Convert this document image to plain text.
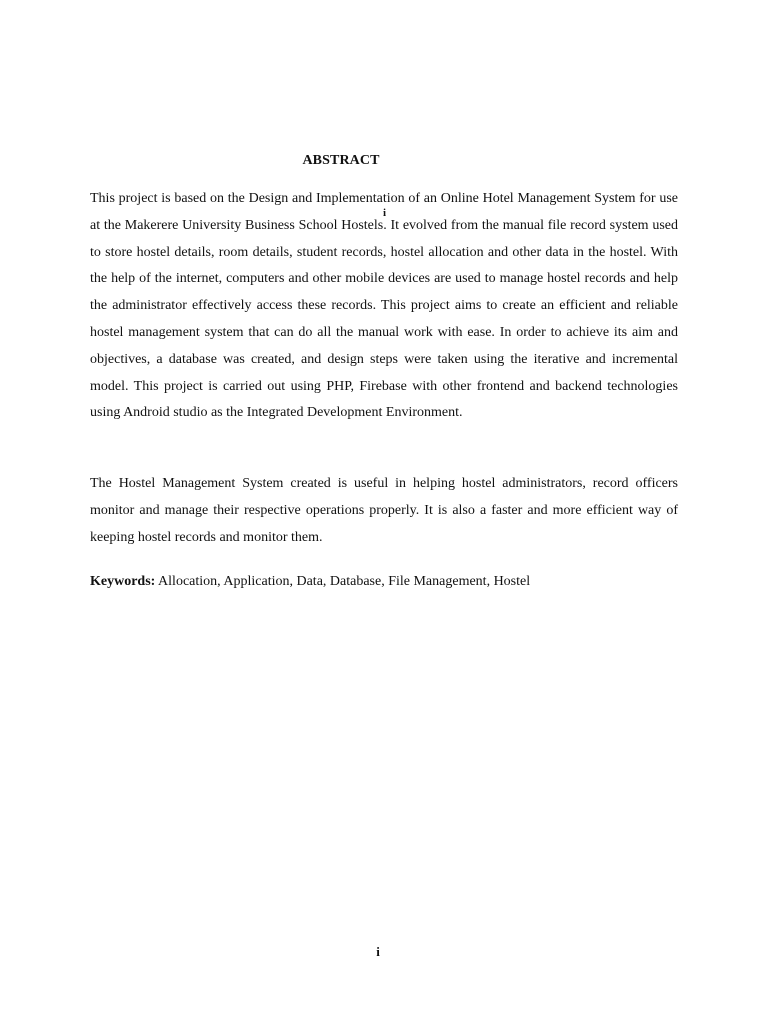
ABSTRACT
i

This project is based on the Design and Implementation of an Online Hotel Management System for use at the Makerere University Business School Hostels. It evolved from the manual file record system used to store hostel details, room details, student records, hostel allocation and other data in the hostel. With the help of the internet, computers and other mobile devices are used to manage hostel records and help the administrator effectively access these records. This project aims to create an efficient and reliable hostel management system that can do all the manual work with ease. In order to achieve its aim and objectives, a database was created, and design steps were taken using the iterative and incremental model. This project is carried out using PHP, Firebase with other frontend and backend technologies using Android studio as the Integrated Development Environment.

The Hostel Management System created is useful in helping hostel administrators, record officers monitor and manage their respective operations properly. It is also a faster and more efficient way of keeping hostel records and monitor them.

Keywords: Allocation, Application, Data, Database, File Management, Hostel
i
